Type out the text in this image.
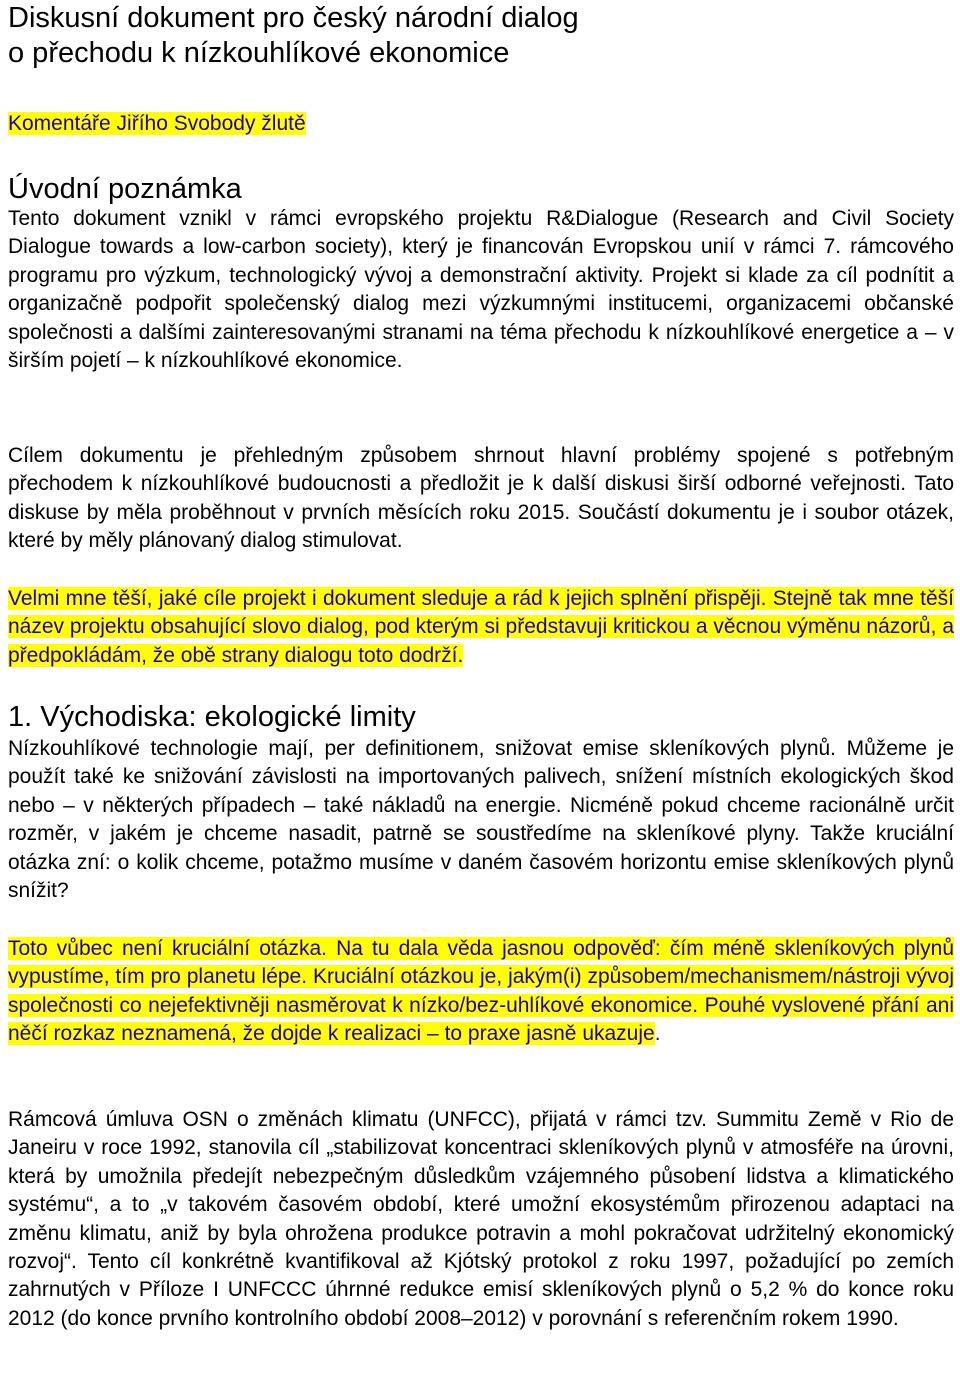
Diskusní dokument pro český národní dialog
o přechodu k nízkouhlíkové ekonomice

Komentáře Jiřího Svobody žlutě

Úvodní poznámka

Tento dokument vznikl v rámci evropského projektu R&Dialogue (Research and Civil Society Dialogue towards a low-carbon society), který je financován Evropskou unií v rámci 7. rámcového programu pro výzkum, technologický vývoj a demonstrační aktivity. Projekt si klade za cíl podnítit a organizačně podpořit společenský dialog mezi výzkumnými institucemi, organizacemi občanské společnosti a dalšími zainteresovanými stranami na téma přechodu k nízkouhlíkové energetice a – v širším pojetí – k nízkouhlíkové ekonomice.

Cílem dokumentu je přehledným způsobem shrnout hlavní problémy spojené s potřebným přechodem k nízkouhlíkové budoucnosti a předložit je k další diskusi širší odborné veřejnosti. Tato diskuse by měla proběhnout v prvních měsících roku 2015. Součástí dokumentu je i soubor otázek, které by měly plánovaný dialog stimulovat.

Velmi mne těší, jaké cíle projekt i dokument sleduje a rád k jejich splnění přispěji. Stejně tak mne těší název projektu obsahující slovo dialog, pod kterým si představuji kritickou a věcnou výměnu názorů, a předpokládám, že obě strany dialogu toto dodrží.

1. Východiska: ekologické limity

Nízkouhlíkové technologie mají, per definitionem, snižovat emise skleníkových plynů. Můžeme je použít také ke snižování závislosti na importovaných palivech, snížení místních ekologických škod nebo – v některých případech – také nákladů na energie. Nicméně pokud chceme racionálně určit rozměr, v jakém je chceme nasadit, patrně se soustředíme na skleníkové plyny. Takže kruciální otázka zní: o kolik chceme, potažmo musíme v daném časovém horizontu emise skleníkových plynů snížit?

Toto vůbec není kruciální otázka. Na tu dala věda jasnou odpověď: čím méně skleníkových plynů vypustíme, tím pro planetu lépe. Kruciální otázkou je, jakým(i) způsobem/mechanismem/nástroji vývoj společnosti co nejefektivněji nasměrovat k nízko/bez-uhlíkové ekonomice. Pouhé vyslovené přání ani něčí rozkaz neznamená, že dojde k realizaci – to praxe jasně ukazuje.

Rámcová úmluva OSN o změnách klimatu (UNFCC), přijatá v rámci tzv. Summitu Země v Rio de Janeiru v roce 1992, stanovila cíl „stabilizovat koncentraci skleníkových plynů v atmosféře na úrovni, která by umožnila předejít nebezpečným důsledkům vzájemného působení lidstva a klimatického systému“, a to „v takovém časovém období, které umožní ekosystémům přirozenou adaptaci na změnu klimatu, aniž by byla ohrožena produkce potravin a mohl pokračovat udržitelný ekonomický rozvoj“. Tento cíl konkrétně kvantifikoval až Kjótský protokol z roku 1997, požadující po zemích zahrnutých v Příloze I UNFCCC úhrnné redukce emisí skleníkových plynů o 5,2 % do konce roku 2012 (do konce prvního kontrolního období 2008–2012) v porovnání s referenčním rokem 1990.
